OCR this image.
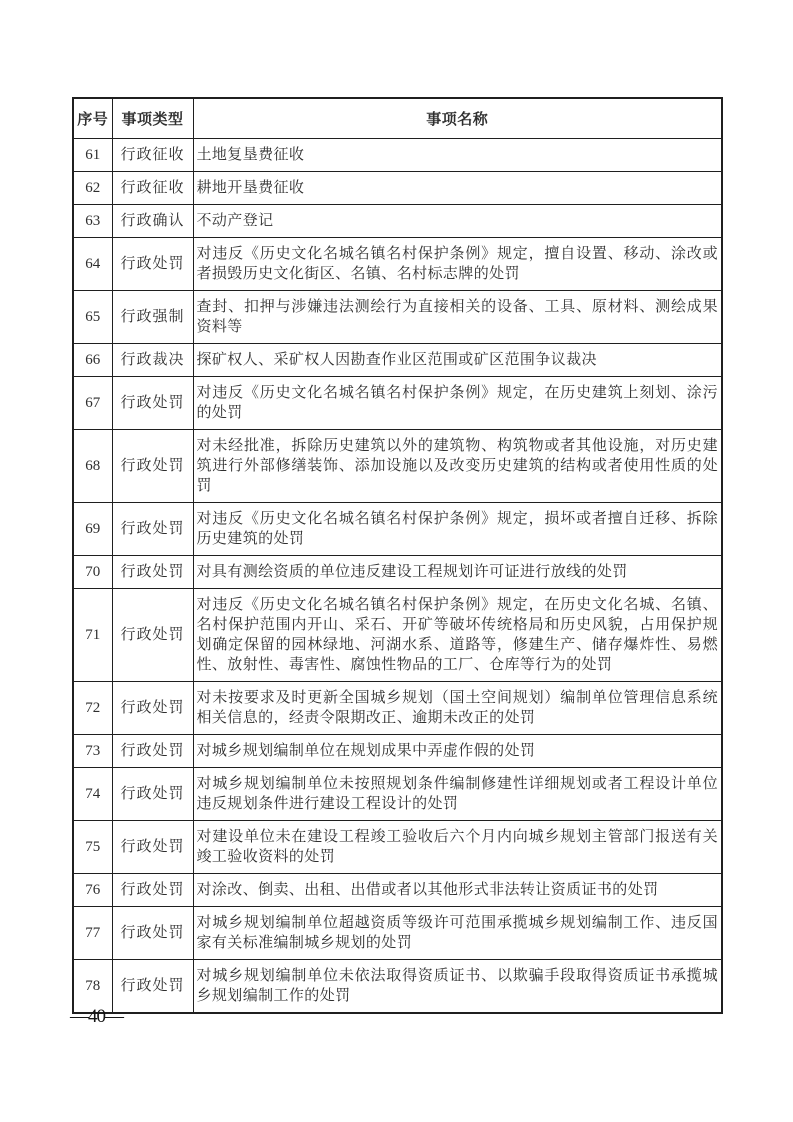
序号	事项类型	事项名称
61	行政征收	土地复垦费征收
62	行政征收	耕地开垦费征收
63	行政确认	不动产登记
64	行政处罚	对违反《历史文化名城名镇名村保护条例》规定，擅自设置、移动、涂改或者损毁历史文化街区、名镇、名村标志牌的处罚
65	行政强制	查封、扣押与涉嫌违法测绘行为直接相关的设备、工具、原材料、测绘成果资料等
66	行政裁决	探矿权人、采矿权人因勘查作业区范围或矿区范围争议裁决
67	行政处罚	对违反《历史文化名城名镇名村保护条例》规定，在历史建筑上刻划、涂污的处罚
68	行政处罚	对未经批准，拆除历史建筑以外的建筑物、构筑物或者其他设施，对历史建筑进行外部修缮装饰、添加设施以及改变历史建筑的结构或者使用性质的处罚
69	行政处罚	对违反《历史文化名城名镇名村保护条例》规定，损坏或者擅自迁移、拆除历史建筑的处罚
70	行政处罚	对具有测绘资质的单位违反建设工程规划许可证进行放线的处罚
71	行政处罚	对违反《历史文化名城名镇名村保护条例》规定，在历史文化名城、名镇、名村保护范围内开山、采石、开矿等破坏传统格局和历史风貌，占用保护规划确定保留的园林绿地、河湖水系、道路等，修建生产、储存爆炸性、易燃性、放射性、毒害性、腐蚀性物品的工厂、仓库等行为的处罚
72	行政处罚	对未按要求及时更新全国城乡规划（国土空间规划）编制单位管理信息系统相关信息的，经责令限期改正、逾期未改正的处罚
73	行政处罚	对城乡规划编制单位在规划成果中弄虚作假的处罚
74	行政处罚	对城乡规划编制单位未按照规划条件编制修建性详细规划或者工程设计单位违反规划条件进行建设工程设计的处罚
75	行政处罚	对建设单位未在建设工程竣工验收后六个月内向城乡规划主管部门报送有关竣工验收资料的处罚
76	行政处罚	对涂改、倒卖、出租、出借或者以其他形式非法转让资质证书的处罚
77	行政处罚	对城乡规划编制单位超越资质等级许可范围承揽城乡规划编制工作、违反国家有关标准编制城乡规划的处罚
78	行政处罚	对城乡规划编制单位未依法取得资质证书、以欺骗手段取得资质证书承揽城乡规划编制工作的处罚
—40—
